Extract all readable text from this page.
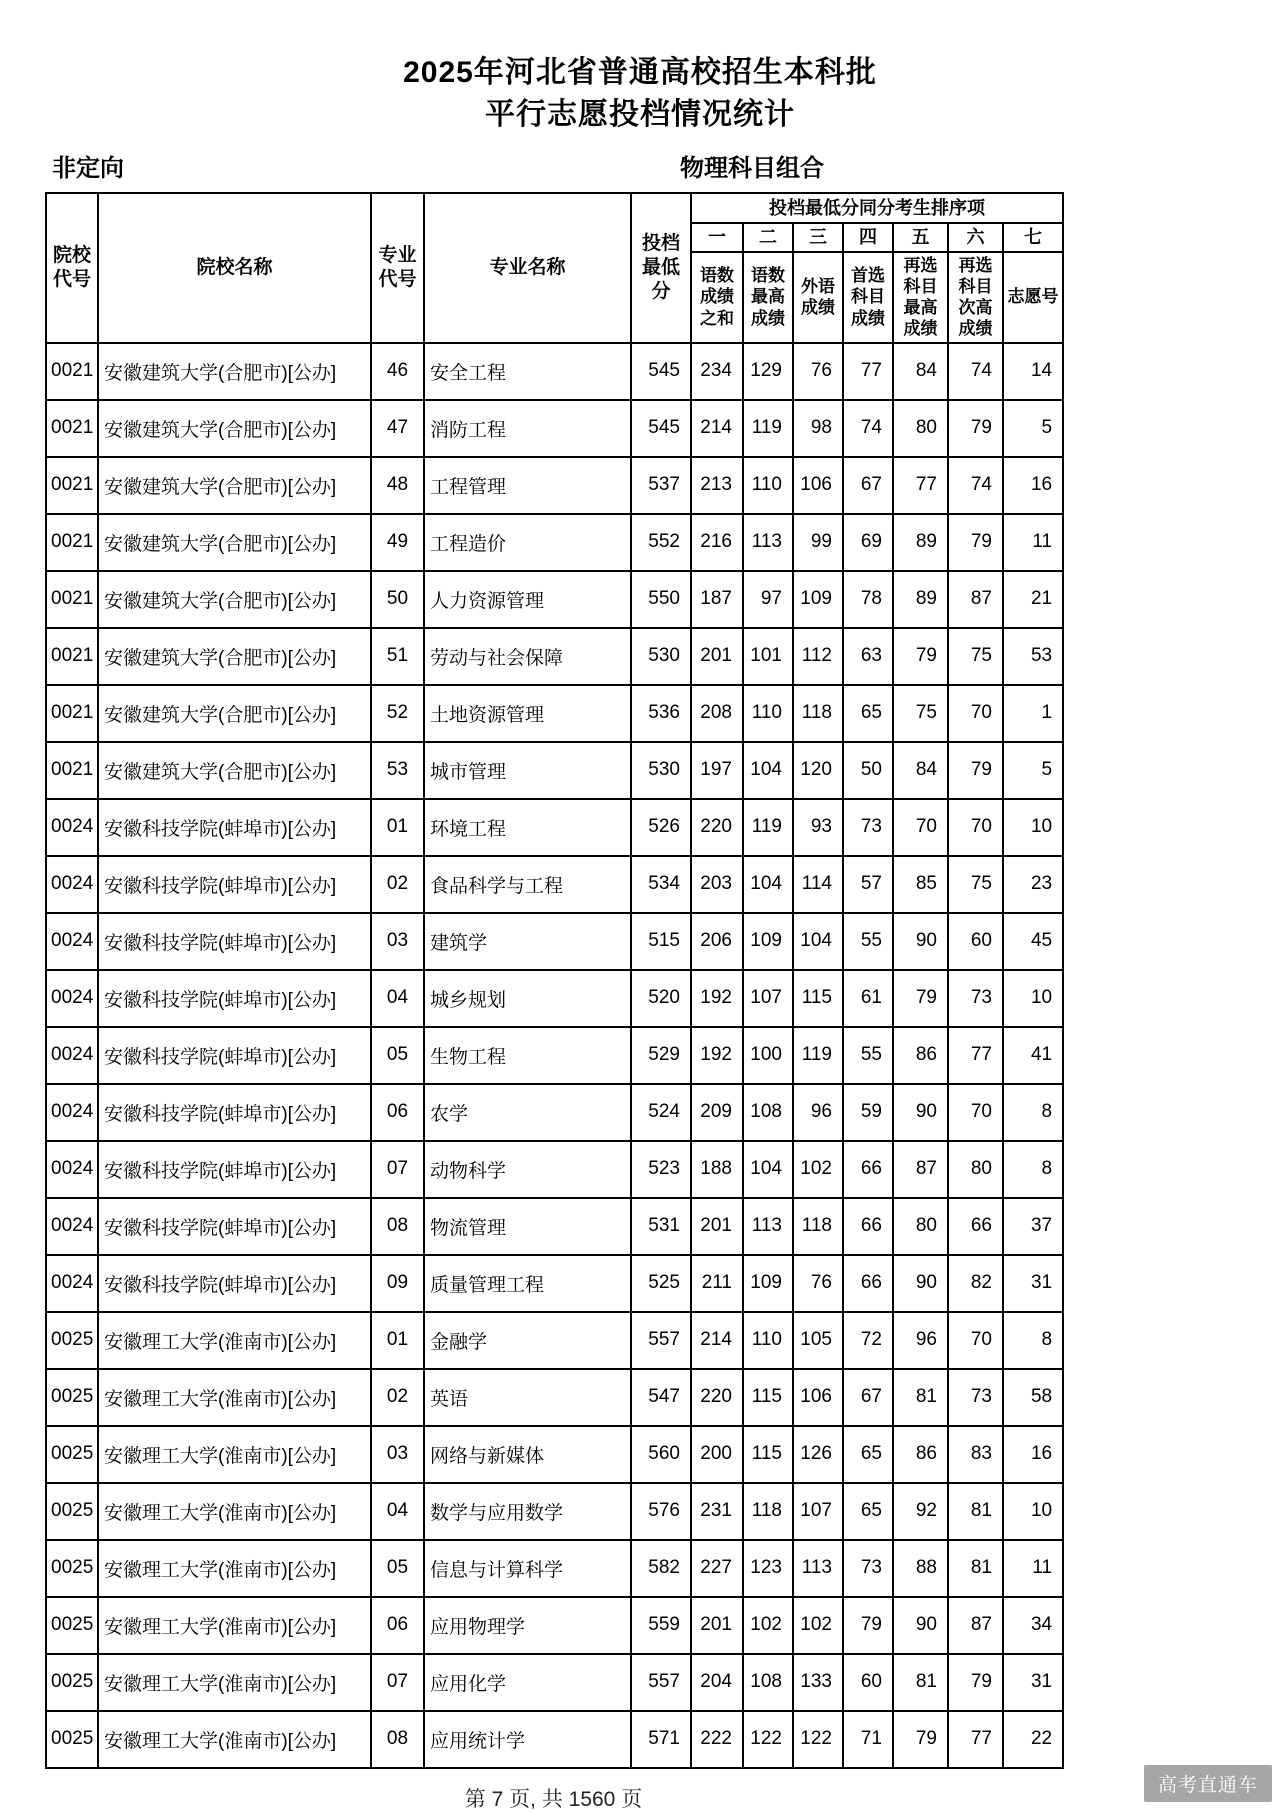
2025年河北省普通高校招生本科批
平行志愿投档情况统计
非定向	物理科目组合
院校代号	院校名称	专业代号	专业名称	投档最低分	投档最低分同分考生排序项						
					一	二	三	四	五	六	七
					语数成绩之和	语数最高成绩	外语成绩	首选科目成绩	再选科目最高成绩	再选科目次高成绩	志愿号
0021	安徽建筑大学(合肥市)[公办]	46	安全工程	545	234	129	76	77	84	74	14
0021	安徽建筑大学(合肥市)[公办]	47	消防工程	545	214	119	98	74	80	79	5
0021	安徽建筑大学(合肥市)[公办]	48	工程管理	537	213	110	106	67	77	74	16
0021	安徽建筑大学(合肥市)[公办]	49	工程造价	552	216	113	99	69	89	79	11
0021	安徽建筑大学(合肥市)[公办]	50	人力资源管理	550	187	97	109	78	89	87	21
0021	安徽建筑大学(合肥市)[公办]	51	劳动与社会保障	530	201	101	112	63	79	75	53
0021	安徽建筑大学(合肥市)[公办]	52	土地资源管理	536	208	110	118	65	75	70	1
0021	安徽建筑大学(合肥市)[公办]	53	城市管理	530	197	104	120	50	84	79	5
0024	安徽科技学院(蚌埠市)[公办]	01	环境工程	526	220	119	93	73	70	70	10
0024	安徽科技学院(蚌埠市)[公办]	02	食品科学与工程	534	203	104	114	57	85	75	23
0024	安徽科技学院(蚌埠市)[公办]	03	建筑学	515	206	109	104	55	90	60	45
0024	安徽科技学院(蚌埠市)[公办]	04	城乡规划	520	192	107	115	61	79	73	10
0024	安徽科技学院(蚌埠市)[公办]	05	生物工程	529	192	100	119	55	86	77	41
0024	安徽科技学院(蚌埠市)[公办]	06	农学	524	209	108	96	59	90	70	8
0024	安徽科技学院(蚌埠市)[公办]	07	动物科学	523	188	104	102	66	87	80	8
0024	安徽科技学院(蚌埠市)[公办]	08	物流管理	531	201	113	118	66	80	66	37
0024	安徽科技学院(蚌埠市)[公办]	09	质量管理工程	525	211	109	76	66	90	82	31
0025	安徽理工大学(淮南市)[公办]	01	金融学	557	214	110	105	72	96	70	8
0025	安徽理工大学(淮南市)[公办]	02	英语	547	220	115	106	67	81	73	58
0025	安徽理工大学(淮南市)[公办]	03	网络与新媒体	560	200	115	126	65	86	83	16
0025	安徽理工大学(淮南市)[公办]	04	数学与应用数学	576	231	118	107	65	92	81	10
0025	安徽理工大学(淮南市)[公办]	05	信息与计算科学	582	227	123	113	73	88	81	11
0025	安徽理工大学(淮南市)[公办]	06	应用物理学	559	201	102	102	79	90	87	34
0025	安徽理工大学(淮南市)[公办]	07	应用化学	557	204	108	133	60	81	79	31
0025	安徽理工大学(淮南市)[公办]	08	应用统计学	571	222	122	122	71	79	77	22
第 7 页, 共 1560 页
高考直通车
